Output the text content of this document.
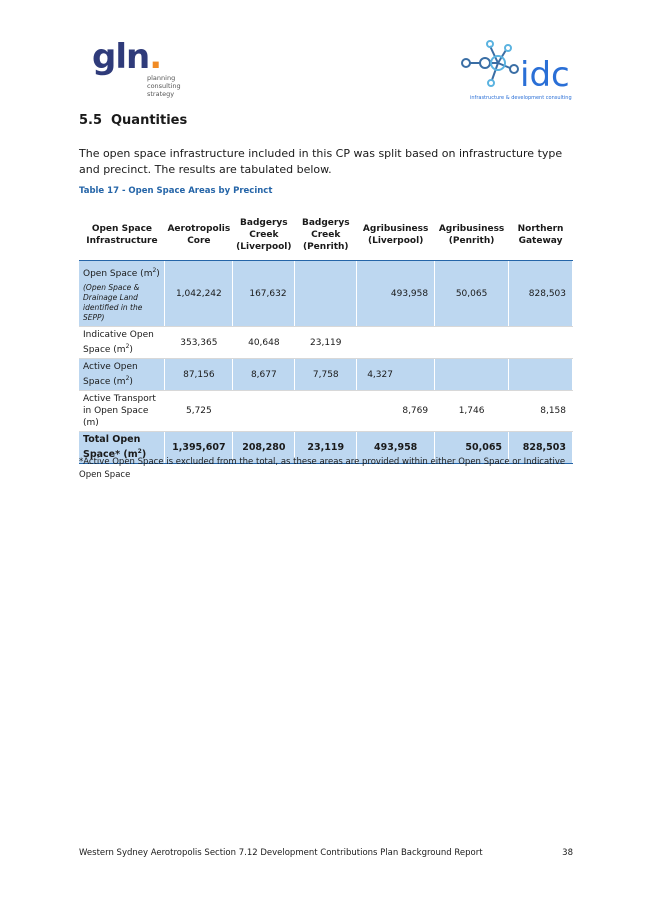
gln.
planning
consulting
strategy	idc
infrastructure & development consulting
5.5 Quantities

The open space infrastructure included in this CP was split based on infrastructure type and precinct. The results are tabulated below.

Table 17 - Open Space Areas by Precinct
Open Space Infrastructure	Aerotropolis Core	Badgerys Creek (Liverpool)	Badgerys Creek (Penrith)	Agribusiness (Liverpool)	Agribusiness (Penrith)	Northern Gateway
Open Space $(m^2)$
(Open Space & Drainage Land identified in the SEPP)	1,042,242	167,632		493,958	50,065	828,503
Indicative Open Space $(m^2)$	353,365	40,648	23,119			
Active Open Space $(m^2)$	87,156	8,677	7,758	4,327		
Active Transport in Open Space (m)	5,725			8,769	1,746	8,158
Total Open Space* $(m^2)$	1,395,607	208,280	23,119	493,958	50,065	828,503

*Active Open Space is excluded from the total, as these areas are provided within either Open Space or Indicative Open Space

Western Sydney Aerotropolis Section 7.12 Development Contributions Plan Background Report	38
